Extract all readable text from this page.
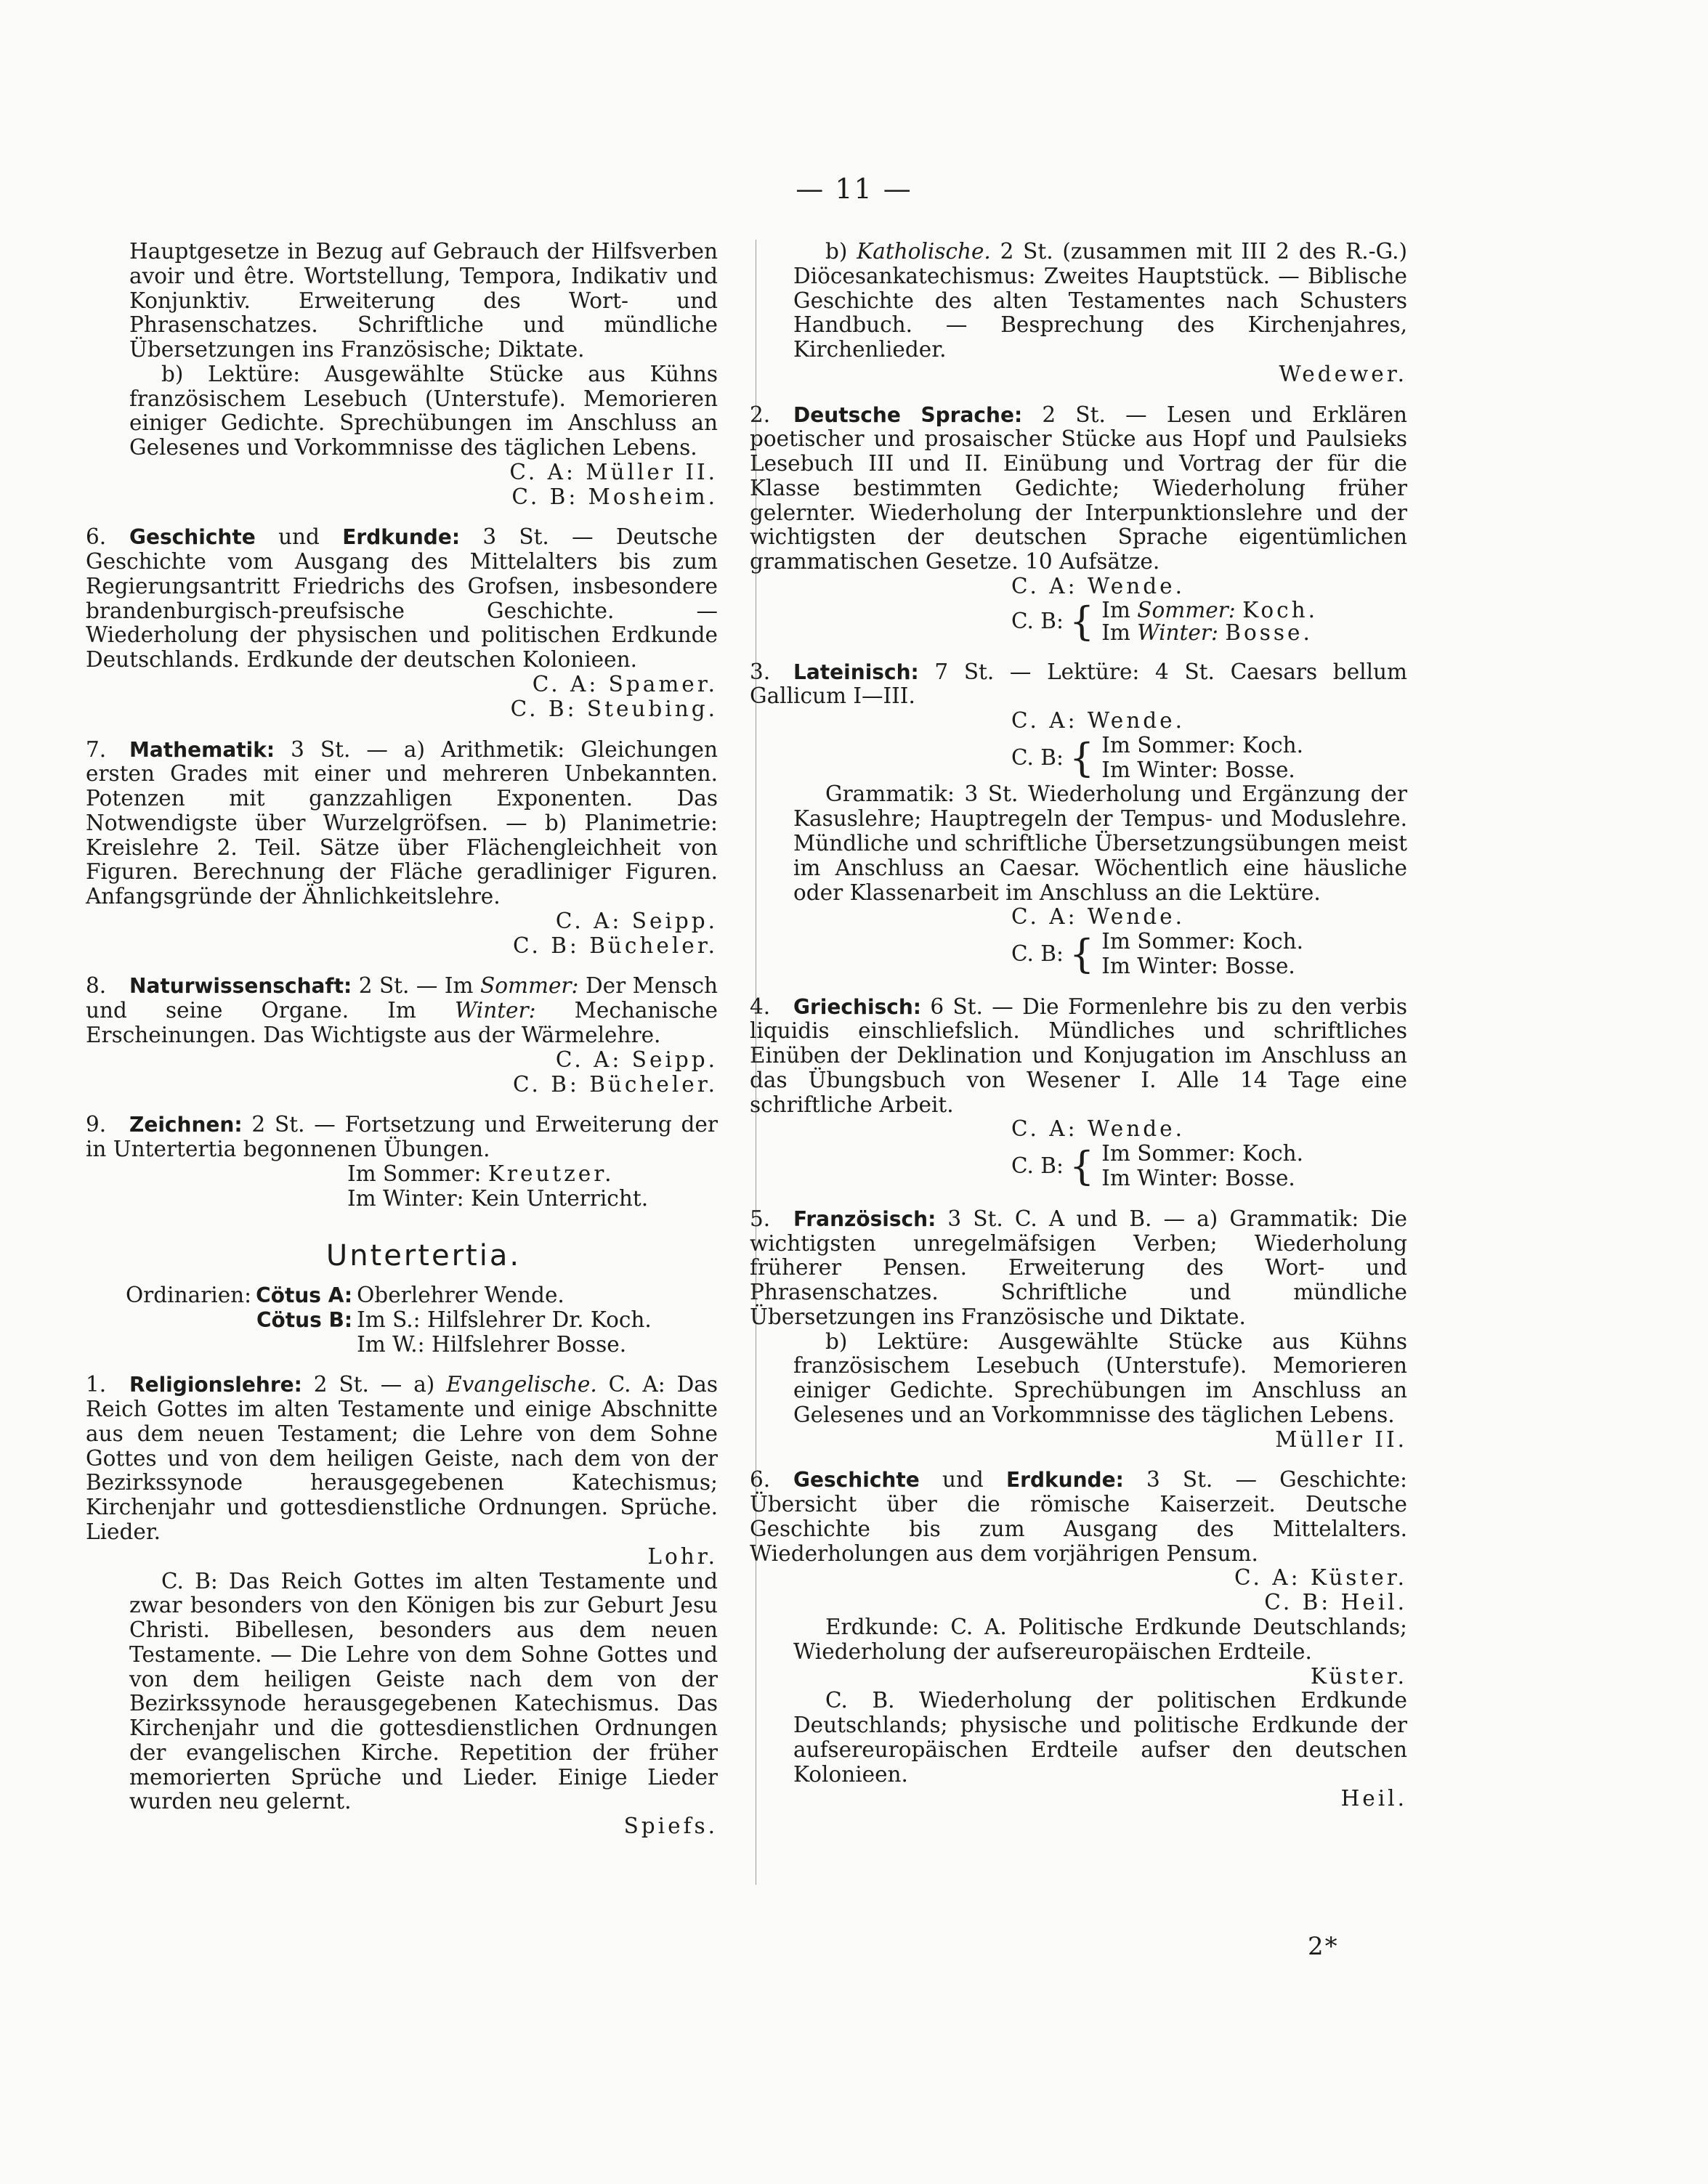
— 11 —

Hauptgesetze in Bezug auf Gebrauch der Hilfsverben avoir und être. Wortstellung, Tempora, Indikativ und Konjunktiv. Erweiterung des Wort- und Phrasenschatzes. Schriftliche und mündliche Übersetzungen ins Französische; Diktate.

b) Lektüre: Ausgewählte Stücke aus Kühns französischem Lesebuch (Unterstufe). Memorieren einiger Gedichte. Sprechübungen im Anschluss an Gelesenes und Vorkommnisse des täglichen Lebens.

C. A: Müller II.

C. B: Mosheim.

6. Geschichte und Erdkunde: 3 St. — Deutsche Geschichte vom Ausgang des Mittelalters bis zum Regierungsantritt Friedrichs des Grofsen, insbesondere brandenburgisch-preufsische Geschichte. — Wiederholung der physischen und politischen Erdkunde Deutschlands. Erdkunde der deutschen Kolonieen.

C. A: Spamer.

C. B: Steubing.

7. Mathematik: 3 St. — a) Arithmetik: Gleichungen ersten Grades mit einer und mehreren Unbekannten. Potenzen mit ganzzahligen Exponenten. Das Notwendigste über Wurzelgröfsen. — b) Planimetrie: Kreislehre 2. Teil. Sätze über Flächengleichheit von Figuren. Berechnung der Fläche geradliniger Figuren. Anfangsgründe der Ähnlichkeitslehre.

C. A: Seipp.

C. B: Bücheler.

8. Naturwissenschaft: 2 St. — Im Sommer: Der Mensch und seine Organe. Im Winter: Mechanische Erscheinungen. Das Wichtigste aus der Wärmelehre.

C. A: Seipp.

C. B: Bücheler.

9. Zeichnen: 2 St. — Fortsetzung und Erweiterung der in Untertertia begonnenen Übungen.

Im Sommer: Kreutzer.

Im Winter: Kein Unterricht.

Untertertia.
Ordinarien:	Cötus A:	Oberlehrer Wende.
	Cötus B:	Im S.: Hilfslehrer Dr. Koch.
		Im W.: Hilfslehrer Bosse.

1. Religionslehre: 2 St. — a) Evangelische. C. A: Das Reich Gottes im alten Testamente und einige Abschnitte aus dem neuen Testament; die Lehre von dem Sohne Gottes und von dem heiligen Geiste, nach dem von der Bezirkssynode herausgegebenen Katechismus; Kirchenjahr und gottesdienstliche Ordnungen. Sprüche. Lieder.

Lohr.

C. B: Das Reich Gottes im alten Testamente und zwar besonders von den Königen bis zur Geburt Jesu Christi. Bibellesen, besonders aus dem neuen Testamente. — Die Lehre von dem Sohne Gottes und von dem heiligen Geiste nach dem von der Bezirkssynode herausgegebenen Katechismus. Das Kirchenjahr und die gottesdienstlichen Ordnungen der evangelischen Kirche. Repetition der früher memorierten Sprüche und Lieder. Einige Lieder wurden neu gelernt.

Spiefs.

b) Katholische. 2 St. (zusammen mit III 2 des R.-G.) Diöcesankatechismus: Zweites Hauptstück. — Biblische Geschichte des alten Testamentes nach Schusters Handbuch. — Besprechung des Kirchenjahres, Kirchenlieder.

Wedewer.

2. Deutsche Sprache: 2 St. — Lesen und Erklären poetischer und prosaischer Stücke aus Hopf und Paulsieks Lesebuch III und II. Einübung und Vortrag der für die Klasse bestimmten Gedichte; Wiederholung früher gelernter. Wiederholung der Interpunktionslehre und der wichtigsten der deutschen Sprache eigentümlichen grammatischen Gesetze. 10 Aufsätze.

C. A: Wende.

C. B: { Im Sommer: Koch.
Im Winter: Bosse.

3. Lateinisch: 7 St. — Lektüre: 4 St. Caesars bellum Gallicum I—III.

C. A: Wende.

C. B: { Im Sommer: Koch.
Im Winter: Bosse.

Grammatik: 3 St. Wiederholung und Ergänzung der Kasuslehre; Hauptregeln der Tempus- und Moduslehre. Mündliche und schriftliche Übersetzungsübungen meist im Anschluss an Caesar. Wöchentlich eine häusliche oder Klassenarbeit im Anschluss an die Lektüre.

C. A: Wende.

C. B: { Im Sommer: Koch.
Im Winter: Bosse.

4. Griechisch: 6 St. — Die Formenlehre bis zu den verbis liquidis einschliefslich. Mündliches und schriftliches Einüben der Deklination und Konjugation im Anschluss an das Übungsbuch von Wesener I. Alle 14 Tage eine schriftliche Arbeit.

C. A: Wende.

C. B: { Im Sommer: Koch.
Im Winter: Bosse.

5. Französisch: 3 St. C. A und B. — a) Grammatik: Die wichtigsten unregelmäfsigen Verben; Wiederholung früherer Pensen. Erweiterung des Wort- und Phrasenschatzes. Schriftliche und mündliche Übersetzungen ins Französische und Diktate.

b) Lektüre: Ausgewählte Stücke aus Kühns französischem Lesebuch (Unterstufe). Memorieren einiger Gedichte. Sprechübungen im Anschluss an Gelesenes und an Vorkommnisse des täglichen Lebens.

Müller II.

6. Geschichte und Erdkunde: 3 St. — Geschichte: Übersicht über die römische Kaiserzeit. Deutsche Geschichte bis zum Ausgang des Mittelalters. Wiederholungen aus dem vorjährigen Pensum.

C. A: Küster.

C. B: Heil.

Erdkunde: C. A. Politische Erdkunde Deutschlands; Wiederholung der aufsereuropäischen Erdteile.

Küster.

C. B. Wiederholung der politischen Erdkunde Deutschlands; physische und politische Erdkunde der aufsereuropäischen Erdteile aufser den deutschen Kolonieen.

Heil.

2*
